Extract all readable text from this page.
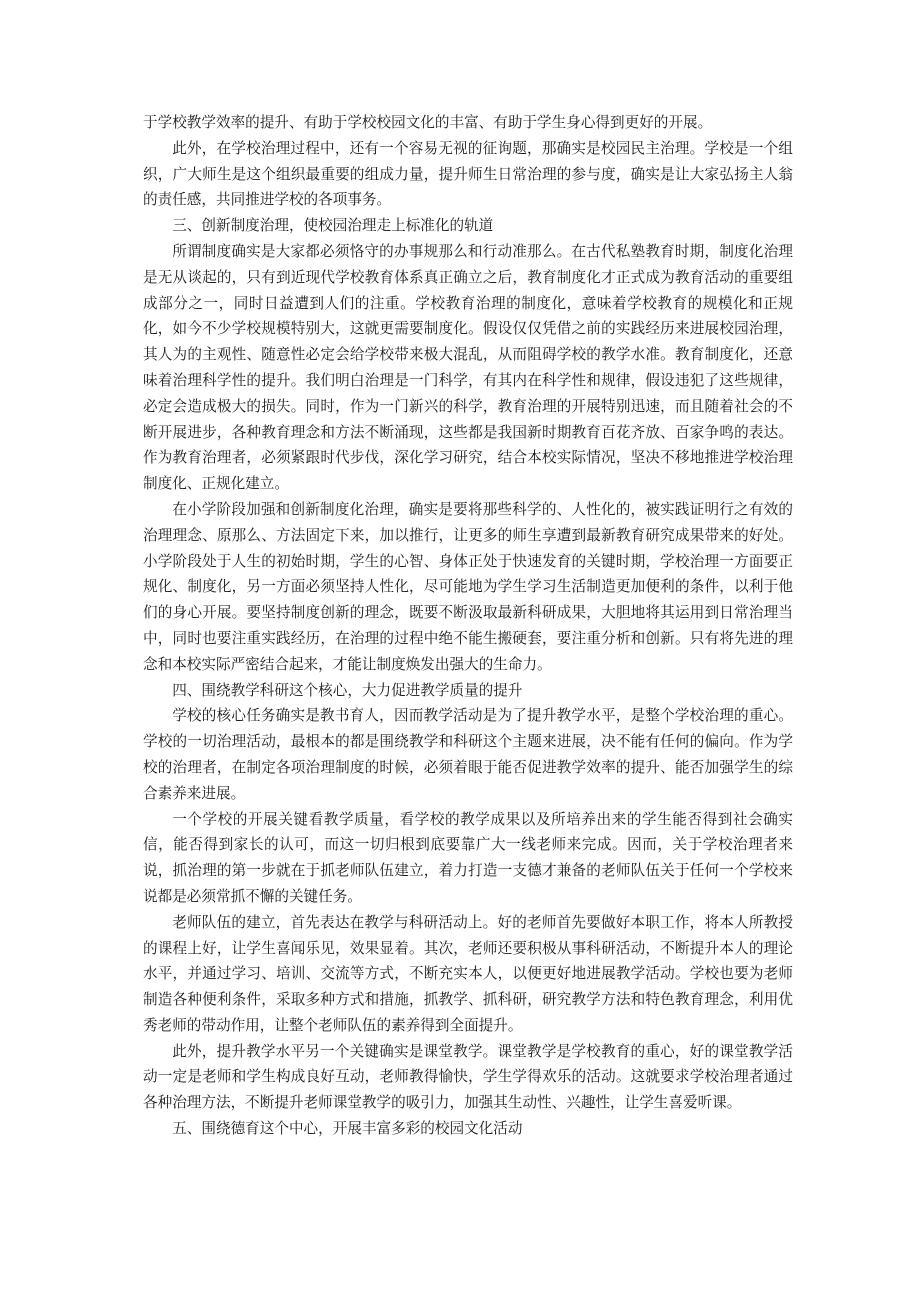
于学校教学效率的提升、有助于学校校园文化的丰富、有助于学生身心得到更好的开展。

此外，在学校治理过程中，还有一个容易无视的征询题，那确实是校园民主治理。学校是一个组织，广大师生是这个组织最重要的组成力量，提升师生日常治理的参与度，确实是让大家弘扬主人翁的责任感，共同推进学校的各项事务。

三、创新制度治理，使校园治理走上标准化的轨道

所谓制度确实是大家都必须恪守的办事规那么和行动准那么。在古代私塾教育时期，制度化治理是无从谈起的，只有到近现代学校教育体系真正确立之后，教育制度化才正式成为教育活动的重要组成部分之一，同时日益遭到人们的注重。学校教育治理的制度化，意味着学校教育的规模化和正规化，如今不少学校规模特别大，这就更需要制度化。假设仅仅凭借之前的实践经历来进展校园治理，其人为的主观性、随意性必定会给学校带来极大混乱，从而阻碍学校的教学水准。教育制度化，还意味着治理科学性的提升。我们明白治理是一门科学，有其内在科学性和规律，假设违犯了这些规律，必定会造成极大的损失。同时，作为一门新兴的科学，教育治理的开展特别迅速，而且随着社会的不断开展进步，各种教育理念和方法不断涌现，这些都是我国新时期教育百花齐放、百家争鸣的表达。作为教育治理者，必须紧跟时代步伐，深化学习研究，结合本校实际情况，坚决不移地推进学校治理制度化、正规化建立。

在小学阶段加强和创新制度化治理，确实是要将那些科学的、人性化的，被实践证明行之有效的治理理念、原那么、方法固定下来，加以推行，让更多的师生享遭到最新教育研究成果带来的好处。小学阶段处于人生的初始时期，学生的心智、身体正处于快速发育的关键时期，学校治理一方面要正规化、制度化，另一方面必须坚持人性化，尽可能地为学生学习生活制造更加便利的条件，以利于他们的身心开展。要坚持制度创新的理念，既要不断汲取最新科研成果，大胆地将其运用到日常治理当中，同时也要注重实践经历，在治理的过程中绝不能生搬硬套，要注重分析和创新。只有将先进的理念和本校实际严密结合起来，才能让制度焕发出强大的生命力。

四、围绕教学科研这个核心，大力促进教学质量的提升

学校的核心任务确实是教书育人，因而教学活动是为了提升教学水平，是整个学校治理的重心。学校的一切治理活动，最根本的都是围绕教学和科研这个主题来进展，决不能有任何的偏向。作为学校的治理者，在制定各项治理制度的时候，必须着眼于能否促进教学效率的提升、能否加强学生的综合素养来进展。

一个学校的开展关键看教学质量，看学校的教学成果以及所培养出来的学生能否得到社会确实信，能否得到家长的认可，而这一切归根到底要靠广大一线老师来完成。因而，关于学校治理者来说，抓治理的第一步就在于抓老师队伍建立，着力打造一支德才兼备的老师队伍关于任何一个学校来说都是必须常抓不懈的关键任务。

老师队伍的建立，首先表达在教学与科研活动上。好的老师首先要做好本职工作，将本人所教授的课程上好，让学生喜闻乐见，效果显着。其次，老师还要积极从事科研活动，不断提升本人的理论水平，并通过学习、培训、交流等方式，不断充实本人，以便更好地进展教学活动。学校也要为老师制造各种便利条件，采取多种方式和措施，抓教学、抓科研，研究教学方法和特色教育理念，利用优秀老师的带动作用，让整个老师队伍的素养得到全面提升。

此外，提升教学水平另一个关键确实是课堂教学。课堂教学是学校教育的重心，好的课堂教学活动一定是老师和学生构成良好互动，老师教得愉快，学生学得欢乐的活动。这就要求学校治理者通过各种治理方法，不断提升老师课堂教学的吸引力，加强其生动性、兴趣性，让学生喜爱听课。

五、围绕德育这个中心，开展丰富多彩的校园文化活动
